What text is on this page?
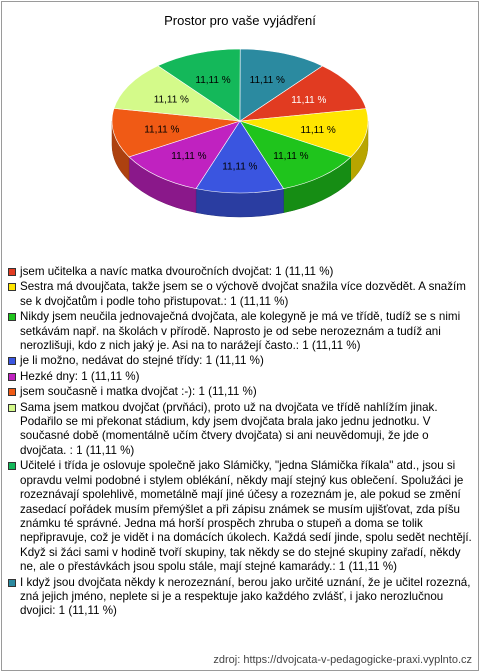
Prostor pro vaše vyjádření
11,11 %
11,11 %
11,11 %
11,11 %
11,11 %
11,11 %
11,11 %
11,11 % 11,11 %
jsem učitelka a navíc matka dvouročních dvojčat: 1 (11,11 %)
Sestra má dvoujčata, takže jsem se o výchově dvojčat snažila více dozvědět. A snažím se k dvojčatům i podle toho přistupovat.: 1 (11,11 %)
Nikdy jsem neučila jednovaječná dvojčata, ale kolegyně je má ve třídě, tudíž se s nimi setkávám např. na školách v přírodě. Naprosto je od sebe nerozeznám a tudíž ani nerozlišuji, kdo z nich jaký je. Asi na to narážejí často.: 1 (11,11 %)
je li možno, nedávat do stejné třídy: 1 (11,11 %)
Hezké dny: 1 (11,11 %)
jsem současně i matka dvojčat :-): 1 (11,11 %)
Sama jsem matkou dvojčat (prvňáci), proto už na dvojčata ve třídě nahlížím jinak. Podařilo se mi překonat stádium, kdy jsem dvojčata brala jako jednu jednotku. V současné době (momentálně učím čtvery dvojčata) si ani neuvědomuji, že jde o dvojčata. : 1 (11,11 %)
Učitelé i třída je oslovuje společně jako Slámičky, "jedna Slámička říkala" atd., jsou si opravdu velmi podobné i stylem oblékání, někdy mají stejný kus oblečení. Spolužáci je rozeznávají spolehlivě, mometálně mají jiné účesy a rozeznám je, ale pokud se změní zasedací pořádek musím přemýšlet a při zápisu známek se musím ujišťovat, zda píšu známku té správné. Jedna má horší prospěch zhruba o stupeň a doma se tolik nepřipravuje, což je vidět i na domácích úkolech. Každá sedí jinde, spolu sedět nechtějí. Když si žáci sami v hodině tvoří skupiny, tak někdy se do stejné skupiny zařadí, někdy ne, ale o přestávkách jsou spolu stále, mají stejné kamarády.: 1 (11,11 %)
I když jsou dvojčata někdy k nerozeznání, berou jako určité uznání, že je učitel rozezná, zná jejich jméno, neplete si je a respektuje jako každého zvlášť, i jako nerozlučnou dvojici: 1 (11,11 %)
zdroj: https://dvojcata-v-pedagogicke-praxi.vyplnto.cz
